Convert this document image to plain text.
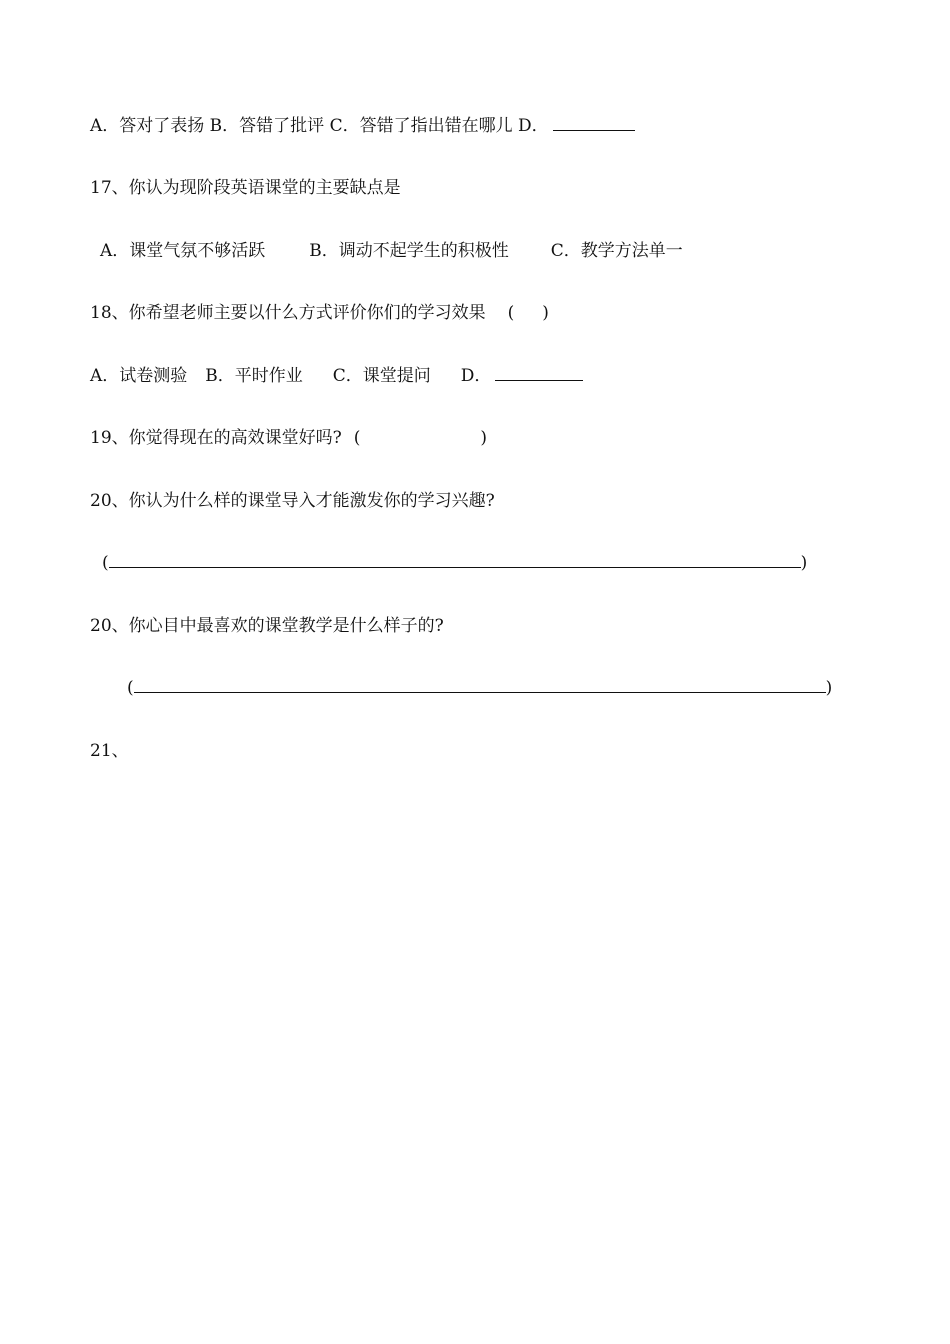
A．答对了表扬 B．答错了批评 C．答错了指出错在哪儿 D．
17、你认为现阶段英语课堂的主要缺点是
A．课堂气氛不够活跃	B．调动不起学生的积极性 C．教学方法单一
18、你希望老师主要以什么方式评价你们的学习效果 ( )
A．试卷测验 B．平时作业 C．课堂提问 D．
19、你觉得现在的高效课堂好吗? (	)
20、你认为什么样的课堂导入才能激发你的学习兴趣?
(	)
20、你心目中最喜欢的课堂教学是什么样子的?
(	)
21、
